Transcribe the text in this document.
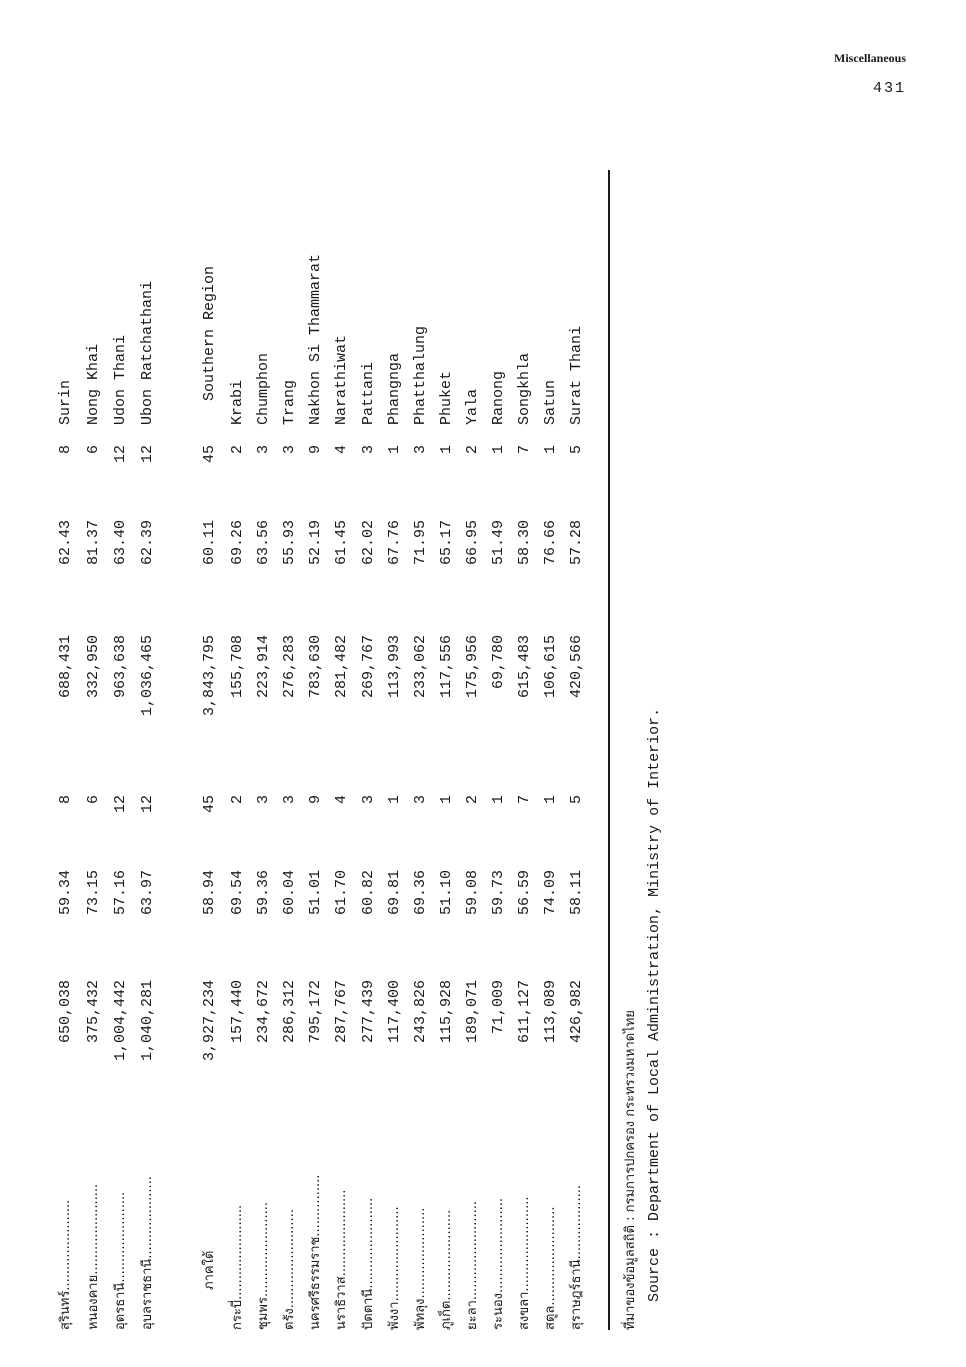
Miscellaneous
431
ที่มาของข้อมูลสถิติ : กรมการปกครอง กระทรวงมหาดไทย Source : Department of Local Administration, Ministry of Interior.
สุรินทร์......................
650,038
59.34
8
688,431
62.43
8
Surin
หนองคาย......................
375,432
73.15
6
332,950
81.37
6
Nong Khai
อุดรธานี......................
1,004,442
57.16
12
963,638
63.40
12
Udon Thani
อุบลราชธานี....................
1,040,281
63.97
12
1,036,465
62.39
12
Ubon Ratchathani
ภาคใต้
3,927,234
58.94
45
3,843,795
60.11
45
Southern Region
กระบี่.......................
157,440
69.54
2
155,708
69.26
2
Krabi
ชุมพร.......................
234,672
59.36
3
223,914
63.56
3
Chumphon
ตรัง........................
286,312
60.04
3
276,283
55.93
3
Trang
นครศรีธรรมราช...............
795,172
51.01
9
783,630
52.19
9
Nakhon Si Thammarat
นราธิวาส.....................
287,767
61.70
4
281,482
61.45
4
Narathiwat
ปัตตานี......................
277,439
60.82
3
269,767
62.02
3
Pattani
พังงา.......................
117,400
69.81
1
113,993
67.76
1
Phangnga
พัทลุง......................
243,826
69.36
3
233,062
71.95
3
Phatthalung
ภูเก็ต......................
115,928
51.10
1
117,556
65.17
1
Phuket
ยะลา........................
189,071
59.08
2
175,956
66.95
2
Yala
ระนอง.......................
71,009
59.73
1
69,780
51.49
1
Ranong
สงขลา.......................
611,127
56.59
7
615,483
58.30
7
Songkhla
สตูล........................
113,089
74.09
1
106,615
76.66
1
Satun
สุราษฎร์ธานี..................
426,982
58.11
5
420,566
57.28
5
Surat Thani
